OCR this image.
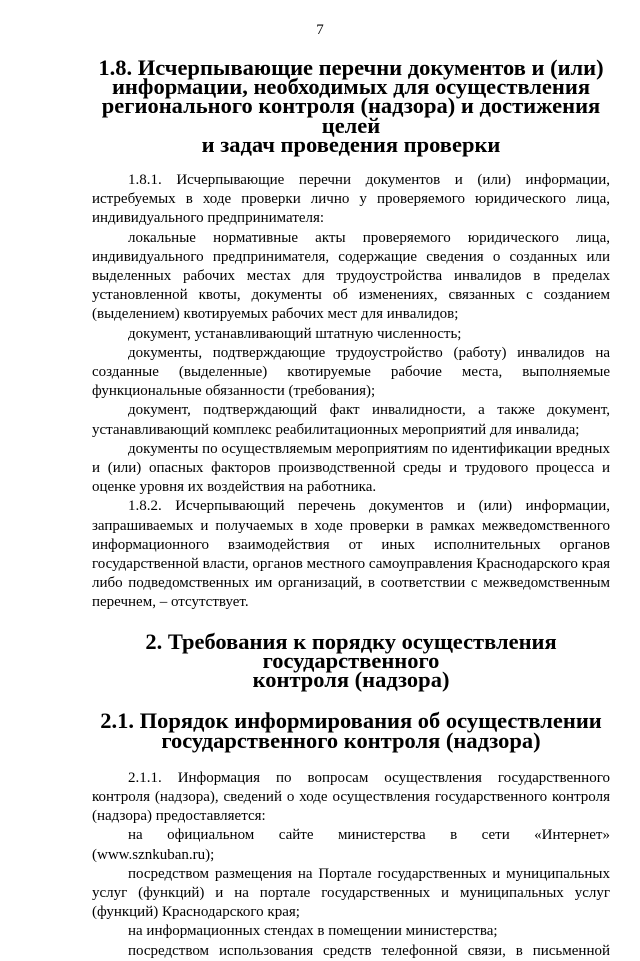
7
1.8. Исчерпывающие перечни документов и (или)
информации, необходимых для осуществления
регионального контроля (надзора) и достижения целей
и задач проведения проверки

1.8.1. Исчерпывающие перечни документов и (или) информации, истребуемых в ходе проверки лично у проверяемого юридического лица, индивидуального предпринимателя:

локальные нормативные акты проверяемого юридического лица, индивидуального предпринимателя, содержащие сведения о созданных или выделенных рабочих местах для трудоустройства инвалидов в пределах установленной квоты, документы об изменениях, связанных с созданием (выделением) квотируемых рабочих мест для инвалидов;

документ, устанавливающий штатную численность;

документы, подтверждающие трудоустройство (работу) инвалидов на созданные (выделенные) квотируемые рабочие места, выполняемые функциональные обязанности (требования);

документ, подтверждающий факт инвалидности, а также документ, устанавливающий комплекс реабилитационных мероприятий для инвалида;

документы по осуществляемым мероприятиям по идентификации вредных и (или) опасных факторов производственной среды и трудового процесса и оценке уровня их воздействия на работника.

1.8.2. Исчерпывающий перечень документов и (или) информации, запрашиваемых и получаемых в ходе проверки в рамках межведомственного информационного взаимодействия от иных исполнительных органов государственной власти, органов местного самоуправления Краснодарского края либо подведомственных им организаций, в соответствии с межведомственным перечнем, – отсутствует.

2. Требования к порядку осуществления государственного
контроля (надзора)
2.1. Порядок информирования об осуществлении
государственного контроля (надзора)

2.1.1. Информация по вопросам осуществления государственного контроля (надзора), сведений о ходе осуществления государственного контроля (надзора) предоставляется:

на официальном сайте министерства в сети «Интернет» (www.sznkuban.ru);

посредством размещения на Портале государственных и муниципальных услуг (функций) и на портале государственных и муниципальных услуг (функций) Краснодарского края;

на информационных стендах в помещении министерства;

посредством использования средств телефонной связи, в письменной
